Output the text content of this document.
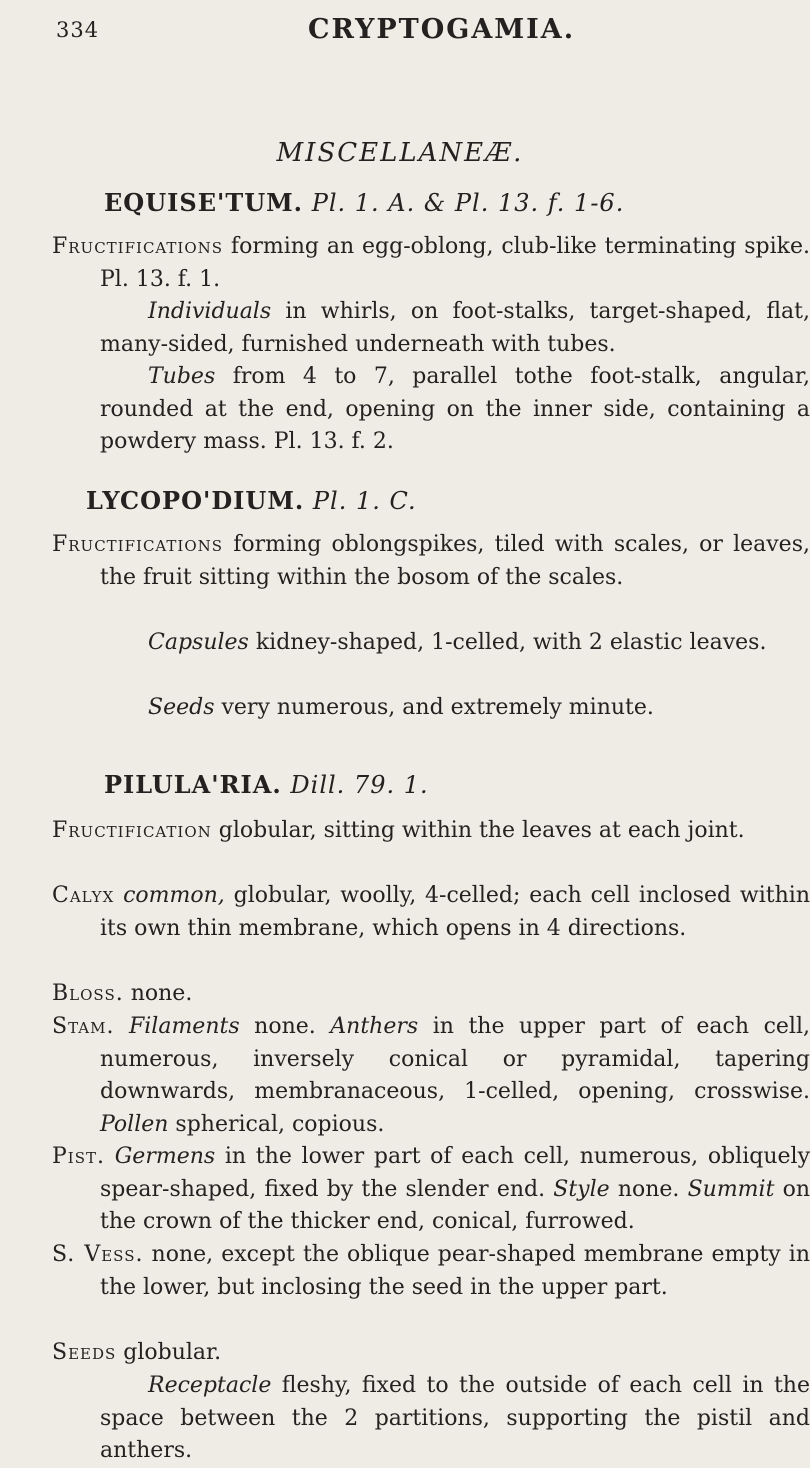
334	CRYPTOGAMIA.
MISCELLANEÆ.
EQUISE'TUM. Pl. 1. A. & Pl. 13. f. 1-6.

Fructifications forming an egg-oblong, club-like terminating spike. Pl. 13. f. 1.

Individuals in whirls, on foot-stalks, target-shaped, flat, many-sided, furnished underneath with tubes.

Tubes from 4 to 7, parallel tothe foot-stalk, angular, rounded at the end, opening on the inner side, containing a powdery mass. Pl. 13. f. 2.

LYCOPO'DIUM. Pl. 1. C.

Fructifications forming oblongspikes, tiled with scales, or leaves, the fruit sitting within the bosom of the scales.

Capsules kidney-shaped, 1-celled, with 2 elastic leaves.

Seeds very numerous, and extremely minute.

PILULA'RIA. Dill. 79. 1.

Fructification globular, sitting within the leaves at each joint.

Calyx common, globular, woolly, 4-celled; each cell inclosed within its own thin membrane, which opens in 4 directions.

Bloss. none.

Stam. Filaments none. Anthers in the upper part of each cell, numerous, inversely conical or pyramidal, tapering downwards, membranaceous, 1-celled, opening, crosswise. Pollen spherical, copious.

Pist. Germens in the lower part of each cell, numerous, obliquely spear-shaped, fixed by the slender end. Style none. Summit on the crown of the thicker end, conical, furrowed.

S. Vess. none, except the oblique pear-shaped membrane empty in the lower, but inclosing the seed in the upper part.

Seeds globular.

Receptacle fleshy, fixed to the outside of each cell in the space between the 2 partitions, supporting the pistil and anthers.
